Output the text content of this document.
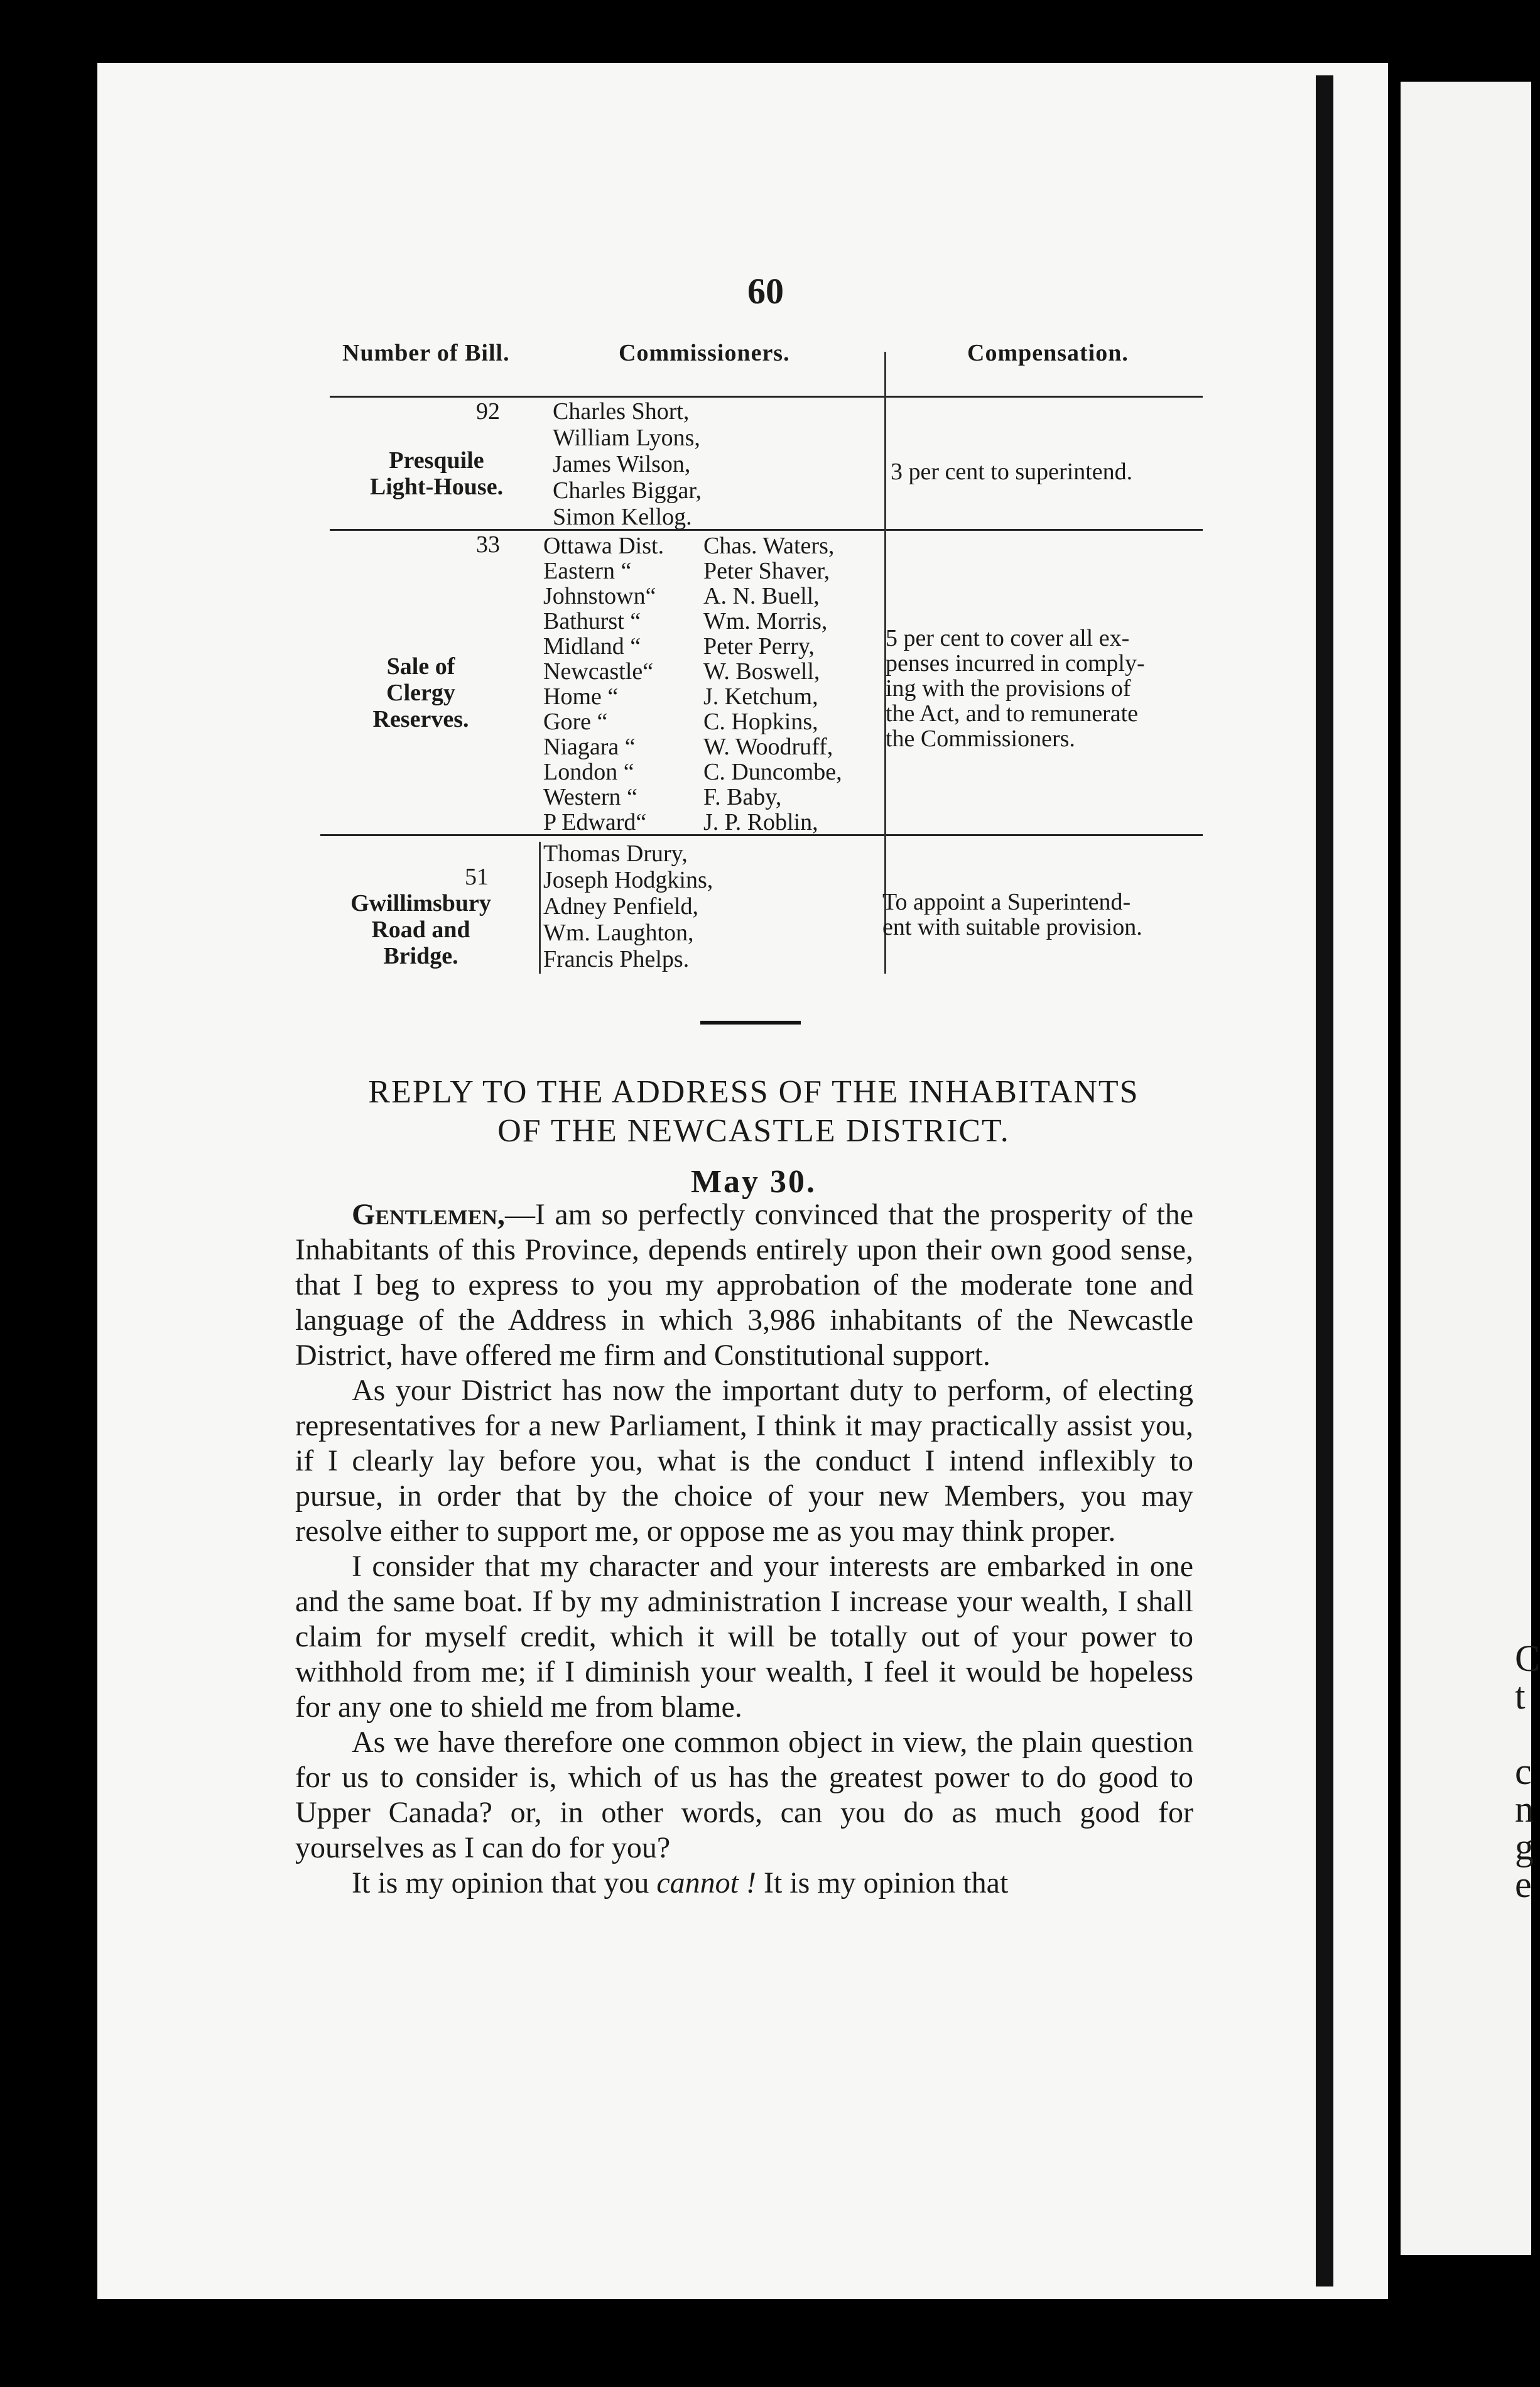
C
t
c
n
g
e
60
Number of Bill.	Commissioners.	Compensation.
92
Presquile
Light-House.
Charles Short,
William Lyons,
James Wilson,
Charles Biggar,
Simon Kellog.
3 per cent to superintend.
33
Sale of
Clergy
Reserves.
Ottawa Dist.
Eastern “
Johnstown“
Bathurst “
Midland “
Newcastle“
Home “
Gore “
Niagara “
London “
Western “
P Edward“
Chas. Waters,
Peter Shaver,
A. N. Buell,
Wm. Morris,
Peter Perry,
W. Boswell,
J. Ketchum,
C. Hopkins,
W. Woodruff,
C. Duncombe,
F. Baby,
J. P. Roblin,
5 per cent to cover all ex-
penses incurred in comply-
ing with the provisions of
the Act, and to remunerate
the Commissioners.
51
Gwillimsbury
Road and
Bridge.
Thomas Drury,
Joseph Hodgkins,
Adney Penfield,
Wm. Laughton,
Francis Phelps.
To appoint a Superintend-
ent with suitable provision.
REPLY TO THE ADDRESS OF THE INHABITANTS
OF THE NEWCASTLE DISTRICT.
May 30.

Gentlemen,—I am so perfectly convinced that the prosperity of the Inhabitants of this Province, depends entirely upon their own good sense, that I beg to express to you my approbation of the moderate tone and language of the Address in which 3,986 inhabitants of the Newcastle District, have offered me firm and Constitutional support.

As your District has now the important duty to perform, of electing representatives for a new Parliament, I think it may practically assist you, if I clearly lay before you, what is the conduct I intend inflexibly to pursue, in order that by the choice of your new Members, you may resolve either to support me, or oppose me as you may think proper.

I consider that my character and your interests are embarked in one and the same boat. If by my administration I increase your wealth, I shall claim for myself credit, which it will be totally out of your power to withhold from me; if I diminish your wealth, I feel it would be hopeless for any one to shield me from blame.

As we have therefore one common object in view, the plain question for us to consider is, which of us has the greatest power to do good to Upper Canada? or, in other words, can you do as much good for yourselves as I can do for you?

It is my opinion that you cannot ! It is my opinion that
